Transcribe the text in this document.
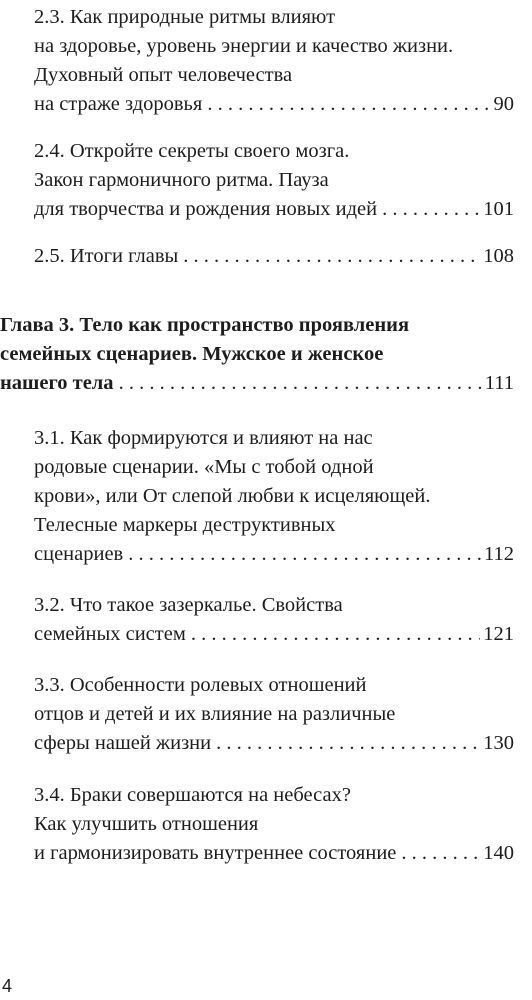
2.3. Как природные ритмы влияют
на здоровье, уровень энергии и качество жизни.
Духовный опыт человечества
на страже здоровья . . .	90
2.4. Откройте секреты своего мозга.
Закон гармоничного ритма. Пауза
для творчества и рождения новых идей . . .	101
2.5. Итоги главы . . .	108
Глава 3. Тело как пространство проявления
семейных сценариев. Мужское и женское
нашего тела . . .	111
3.1. Как формируются и влияют на нас
родовые сценарии. «Мы с тобой одной
крови», или От слепой любви к исцеляющей.
Телесные маркеры деструктивных
сценариев . . .	112
3.2. Что такое зазеркалье. Свойства
семейных систем . . .	121
3.3. Особенности ролевых отношений
отцов и детей и их влияние на различные
сферы нашей жизни . . .	130
3.4. Браки совершаются на небесах?
Как улучшить отношения
и гармонизировать внутреннее состояние . . .	140
4
